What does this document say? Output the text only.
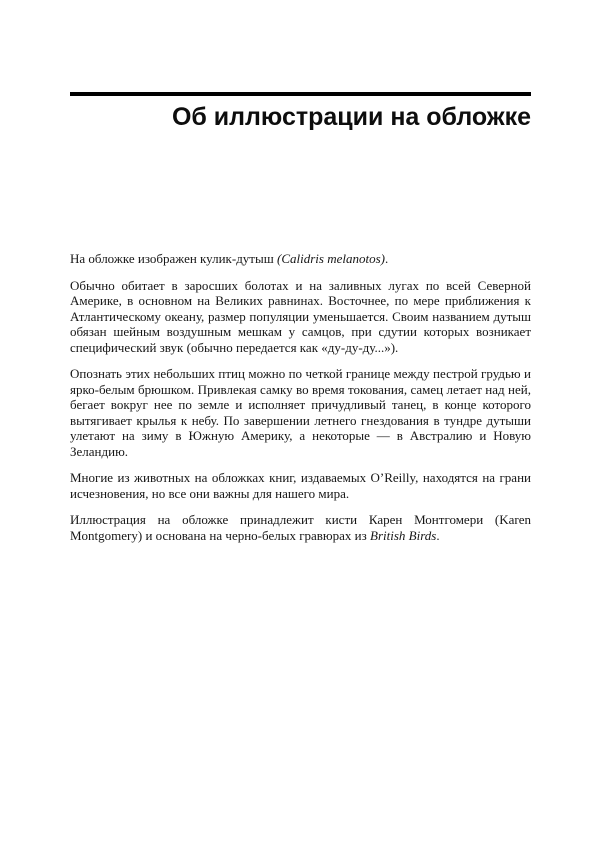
Об иллюстрации на обложке

На обложке изображен кулик-дутыш (Calidris melanotos).

Обычно обитает в заросших болотах и на заливных лугах по всей Северной Америке, в основном на Великих равнинах. Восточнее, по мере приближения к Атлантическому океану, размер популяции уменьшается. Своим названием дутыш обязан шейным воздушным мешкам у самцов, при сдутии которых возникает специфический звук (обычно передается как «ду-ду-ду...»).

Опознать этих небольших птиц можно по четкой границе между пестрой грудью и ярко-белым брюшком. Привлекая самку во время токования, самец летает над ней, бегает вокруг нее по земле и исполняет причудливый танец, в конце которого вытягивает крылья к небу. По завершении летнего гнездования в тундре дутыши улетают на зиму в Южную Америку, а некоторые — в Австралию и Новую Зеландию.

Многие из животных на обложках книг, издаваемых O’Reilly, находятся на грани исчезновения, но все они важны для нашего мира.

Иллюстрация на обложке принадлежит кисти Карен Монтгомери (Karen Montgomery) и основана на черно-белых гравюрах из British Birds.
